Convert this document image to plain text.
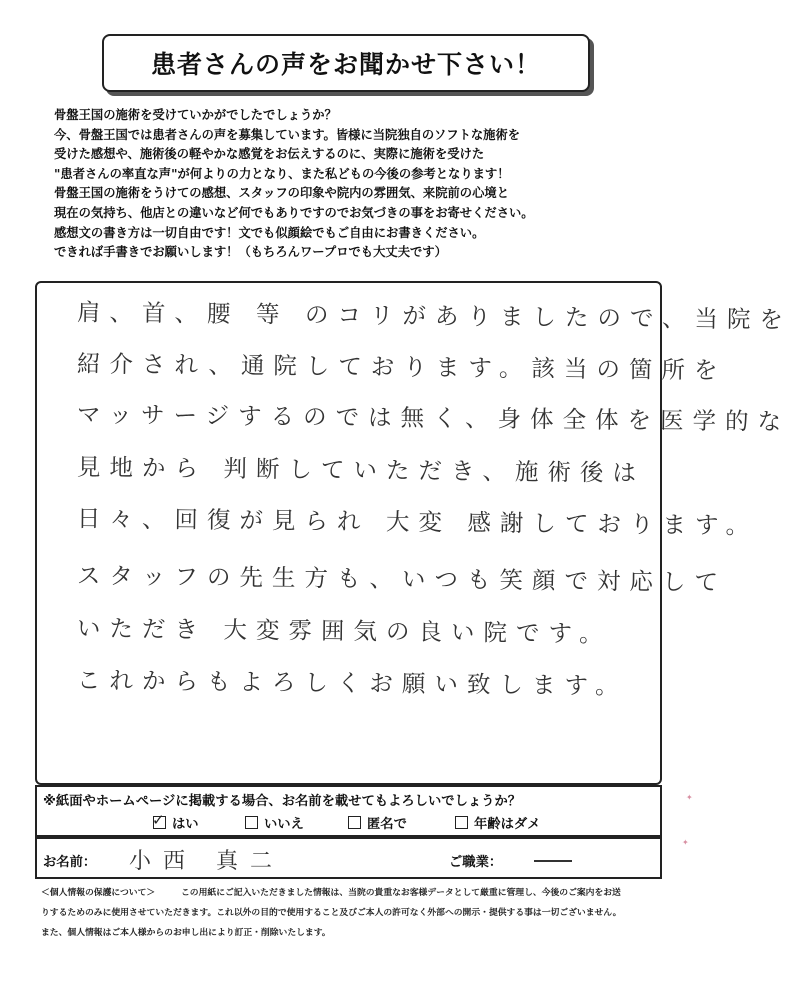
患者さんの声をお聞かせ下さい！
骨盤王国の施術を受けていかがでしたでしょうか？
今、骨盤王国では患者さんの声を募集しています。皆様に当院独自のソフトな施術を
受けた感想や、施術後の軽やかな感覚をお伝えするのに、実際に施術を受けた
"患者さんの率直な声"が何よりの力となり、また私どもの今後の参考となります！
骨盤王国の施術をうけての感想、スタッフの印象や院内の雰囲気、来院前の心境と
現在の気持ち、他店との違いなど何でもありですのでお気づきの事をお寄せください。
感想文の書き方は一切自由です！文でも似顔絵でもご自由にお書きください。
できれば手書きでお願いします！（もちろんワープロでも大丈夫です）
肩、首、腰 等 のコリがありましたので、当院を
紹介され、通院しております。該当の箇所を
マッサージするのでは無く、身体全体を医学的な
見地から 判断していただき、施術後は
日々、回復が見られ 大変 感謝しております。
スタッフの先生方も、いつも笑顔で対応して
いただき 大変雰囲気の良い院です。
これからもよろしくお願い致します。
※紙面やホームページに掲載する場合、お名前を載せてもよろしいでしょうか？
✓ はい	いいえ	匿名で	年齢はダメ
お名前： 小西 真二	ご職業：
＜個人情報の保護について＞	この用紙にご記入いただきました情報は、当院の貴重なお客様データとして厳重に管理し、今後のご案内をお送
りするためのみに使用させていただきます。これ以外の目的で使用すること及びご本人の許可なく外部への開示・提供する事は一切ございません。
また、個人情報はご本人様からのお申し出により訂正・削除いたします。
✦
✦
